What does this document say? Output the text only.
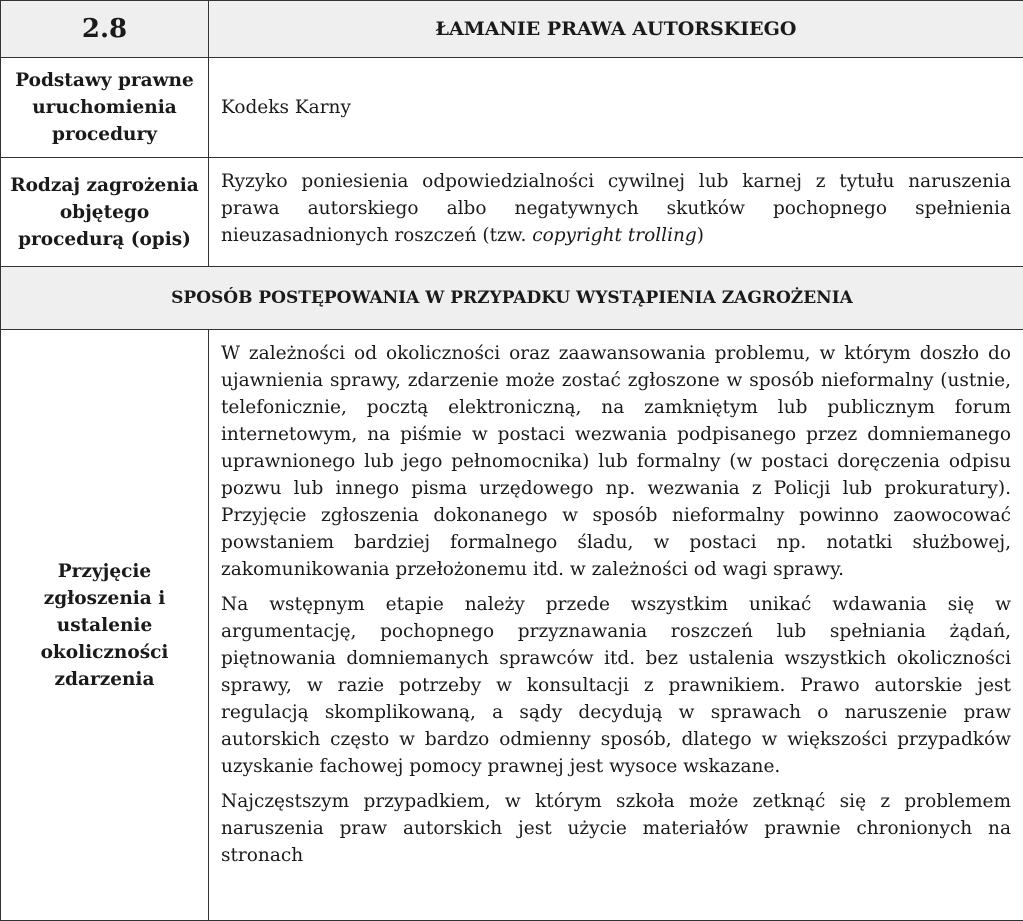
2.8	ŁAMANIE PRAWA AUTORSKIEGO
Podstawy prawne uruchomienia procedury	Kodeks Karny
Rodzaj zagrożenia objętego procedurą (opis)	Ryzyko poniesienia odpowiedzialności cywilnej lub karnej z tytułu naruszenia prawa autorskiego albo negatywnych skutków pochopnego spełnienia nieuzasadnionych roszczeń (tzw. copyright trolling)
SPOSÓB POSTĘPOWANIA W PRZYPADKU WYSTĄPIENIA ZAGROŻENIA	
Przyjęcie zgłoszenia i ustalenie okoliczności zdarzenia	W zależności od okoliczności oraz zaawansowania problemu, w którym doszło do ujawnienia sprawy, zdarzenie może zostać zgłoszone w sposób nieformalny (ustnie, telefonicznie, pocztą elektroniczną, na zamkniętym lub publicznym forum internetowym, na piśmie w postaci wezwania podpisanego przez domniemanego uprawnionego lub jego pełnomocnika) lub formalny (w postaci doręczenia odpisu pozwu lub innego pisma urzędowego np. wezwania z Policji lub prokuratury). Przyjęcie zgłoszenia dokonanego w sposób nieformalny powinno zaowocować powstaniem bardziej formalnego śladu, w postaci np. notatki służbowej, zakomunikowania przełożonemu itd. w zależności od wagi sprawy.

Na wstępnym etapie należy przede wszystkim unikać wdawania się w argumentację, pochopnego przyznawania roszczeń lub spełniania żądań, piętnowania domniemanych sprawców itd. bez ustalenia wszystkich okoliczności sprawy, w razie potrzeby w konsultacji z prawnikiem. Prawo autorskie jest regulacją skomplikowaną, a sądy decydują w sprawach o naruszenie praw autorskich często w bardzo odmienny sposób, dlatego w większości przypadków uzyskanie fachowej pomocy prawnej jest wysoce wskazane.

Najczęstszym przypadkiem, w którym szkoła może zetknąć się z problemem naruszenia praw autorskich jest użycie materiałów prawnie chronionych na stronach
